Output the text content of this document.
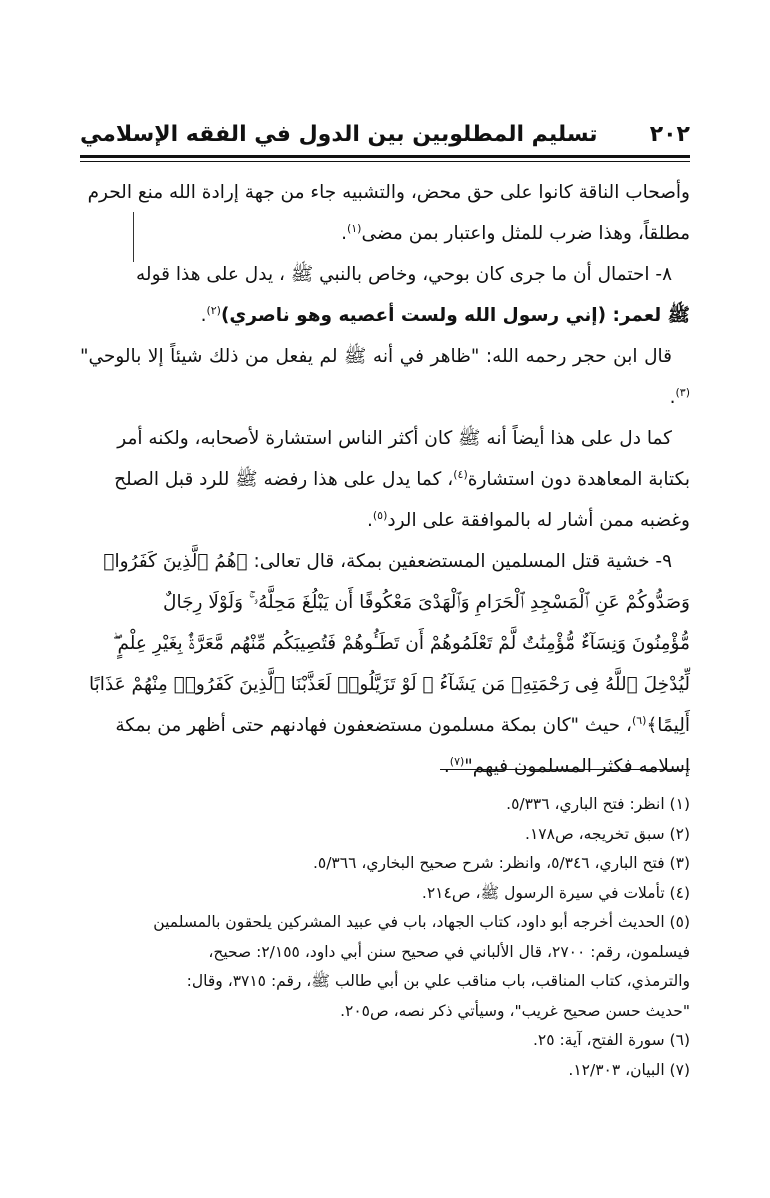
٢٠٢
تسليم المطلوبين بين الدول في الفقه الإسلامي

وأصحاب الناقة كانوا على حق محض، والتشبيه جاء من جهة إرادة الله منع الحرم

مطلقاً، وهذا ضرب للمثل واعتبار بمن مضى$^{(١)}$.

٨- احتمال أن ما جرى كان بوحي، وخاص بالنبي ﷺ ، يدل على هذا قوله

ﷺ لعمر: (إني رسول الله ولست أعصيه وهو ناصري)$^{(٢)}$.

قال ابن حجر رحمه الله: "ظاهر في أنه ﷺ لم يفعل من ذلك شيئاً إلا بالوحي"$^{(٣)}$.

كما دل على هذا أيضاً أنه ﷺ كان أكثر الناس استشارة لأصحابه، ولكنه أمر

بكتابة المعاهدة دون استشارة$^{(٤)}$، كما يدل على هذا رفضه ﷺ للرد قبل الصلح

وغضبه ممن أشار له بالموافقة على الرد$^{(٥)}$.

٩- خشية قتل المسلمين المستضعفين بمكة، قال تعالى: ﴿هُمُ ٱلَّذِينَ كَفَرُوا۟

وَصَدُّوكُمْ عَنِ ٱلْمَسْجِدِ ٱلْحَرَامِ وَٱلْهَدْىَ مَعْكُوفًا أَن يَبْلُغَ مَحِلَّهُۥ ۚ وَلَوْلَا رِجَالٌ

مُّؤْمِنُونَ وَنِسَآءٌ مُّؤْمِنَٰتٌ لَّمْ تَعْلَمُوهُمْ أَن تَطَـُٔوهُمْ فَتُصِيبَكُم مِّنْهُم مَّعَرَّةٌۢ بِغَيْرِ عِلْمٍ ۖ

لِّيُدْخِلَ ٱللَّهُ فِى رَحْمَتِهِۦ مَن يَشَآءُ ۚ لَوْ تَزَيَّلُوا۟ لَعَذَّبْنَا ٱلَّذِينَ كَفَرُوا۟ مِنْهُمْ عَذَابًا

أَلِيمًا﴾$^{(٦)}$، حيث "كان بمكة مسلمون مستضعفون فهادنهم حتى أظهر من بمكة

إسلامه فكثر المسلمون فيهم"$^{(٧)}$.

(١) انظر: فتح الباري، ٥/٣٣٦.

(٢) سبق تخريجه، ص١٧٨.

(٣) فتح الباري، ٥/٣٤٦، وانظر: شرح صحيح البخاري، ٥/٣٦٦.

(٤) تأملات في سيرة الرسول ﷺ، ص٢١٤.

(٥) الحديث أخرجه أبو داود، كتاب الجهاد، باب في عبيد المشركين يلحقون بالمسلمين

فيسلمون، رقم: ٢٧٠٠، قال الألباني في صحيح سنن أبي داود، ٢/١٥٥: صحيح،

والترمذي، كتاب المناقب، باب مناقب علي بن أبي طالب ﷺ، رقم: ٣٧١٥، وقال:

"حديث حسن صحيح غريب"، وسيأتي ذكر نصه، ص٢٠٥.

(٦) سورة الفتح، آية: ٢٥.

(٧) البيان، ١٢/٣٠٣.
